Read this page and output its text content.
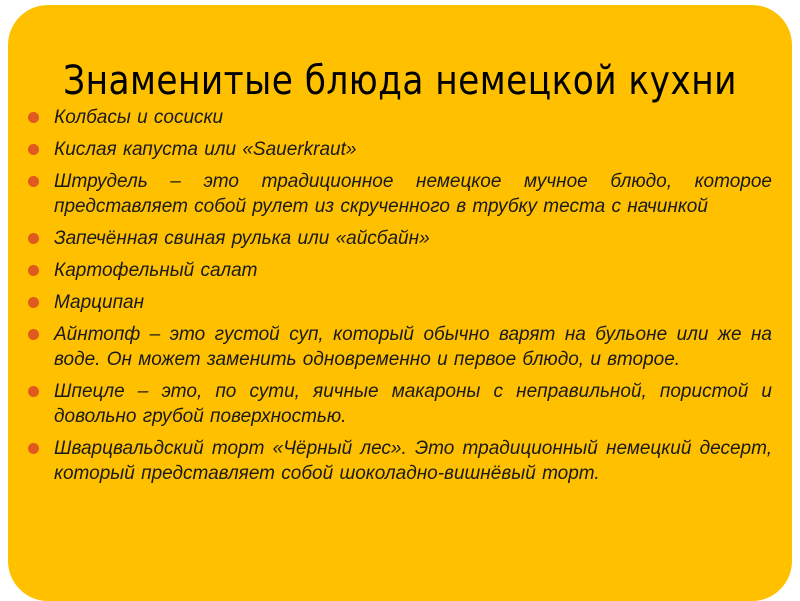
Знаменитые блюда немецкой кухни
Колбасы и сосиски
Кислая капуста или «Sauerkraut»
Штрудель – это традиционное немецкое мучное блюдо, которое представляет собой рулет из скрученного в трубку теста с начинкой
Запечённая свиная рулька или «айсбайн»
Картофельный салат
Марципан
Айнтопф – это густой суп, который обычно варят на бульоне или же на воде. Он может заменить одновременно и первое блюдо, и второе.
Шпецле – это, по сути, яичные макароны с неправильной, пористой и довольно грубой поверхностью.
Шварцвальдский торт «Чёрный лес». Это традиционный немецкий десерт, который представляет собой шоколадно-вишнёвый торт.
